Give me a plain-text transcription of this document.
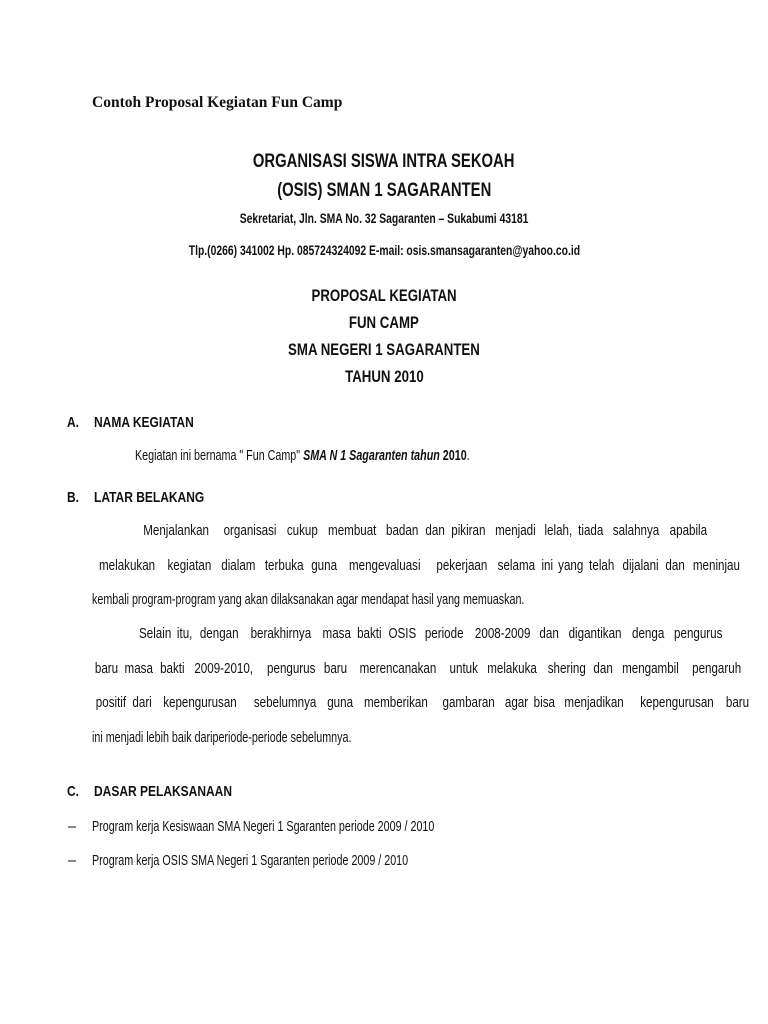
Contoh Proposal Kegiatan Fun Camp
ORGANISASI SISWA INTRA SEKOAH
(OSIS) SMAN 1 SAGARANTEN
Sekretariat, Jln. SMA No. 32 Sagaranten – Sukabumi 43181
Tlp.(0266) 341002 Hp. 085724324092 E-mail: osis.smansagaranten@yahoo.co.id
PROPOSAL KEGIATAN
FUN CAMP
SMA NEGERI 1 SAGARANTEN
TAHUN 2010
A. NAMA KEGIATAN
Kegiatan ini bernama " Fun Camp" SMA N 1 Sagaranten tahun 2010.
B. LATAR BELAKANG
Menjalankan organisasi cukup membuat badan dan pikiran menjadi lelah, tiada salahnya apabila
melakukan kegiatan dialam terbuka guna mengevaluasi pekerjaan selama ini yang telah dijalani dan meninjau
kembali program-program yang akan dilaksanakan agar mendapat hasil yang memuaskan.
Selain itu, dengan berakhirnya masa bakti OSIS periode 2008-2009 dan digantikan denga pengurus
baru masa bakti 2009-2010, pengurus baru merencanakan untuk melakuka shering dan mengambil pengaruh
positif dari kepengurusan sebelumnya guna memberikan gambaran agar bisa menjadikan kepengurusan baru
ini menjadi lebih baik dariperiode-periode sebelumnya.
C. DASAR PELAKSANAAN
– Program kerja Kesiswaan SMA Negeri 1 Sgaranten periode 2009 / 2010
– Program kerja OSIS SMA Negeri 1 Sgaranten periode 2009 / 2010
